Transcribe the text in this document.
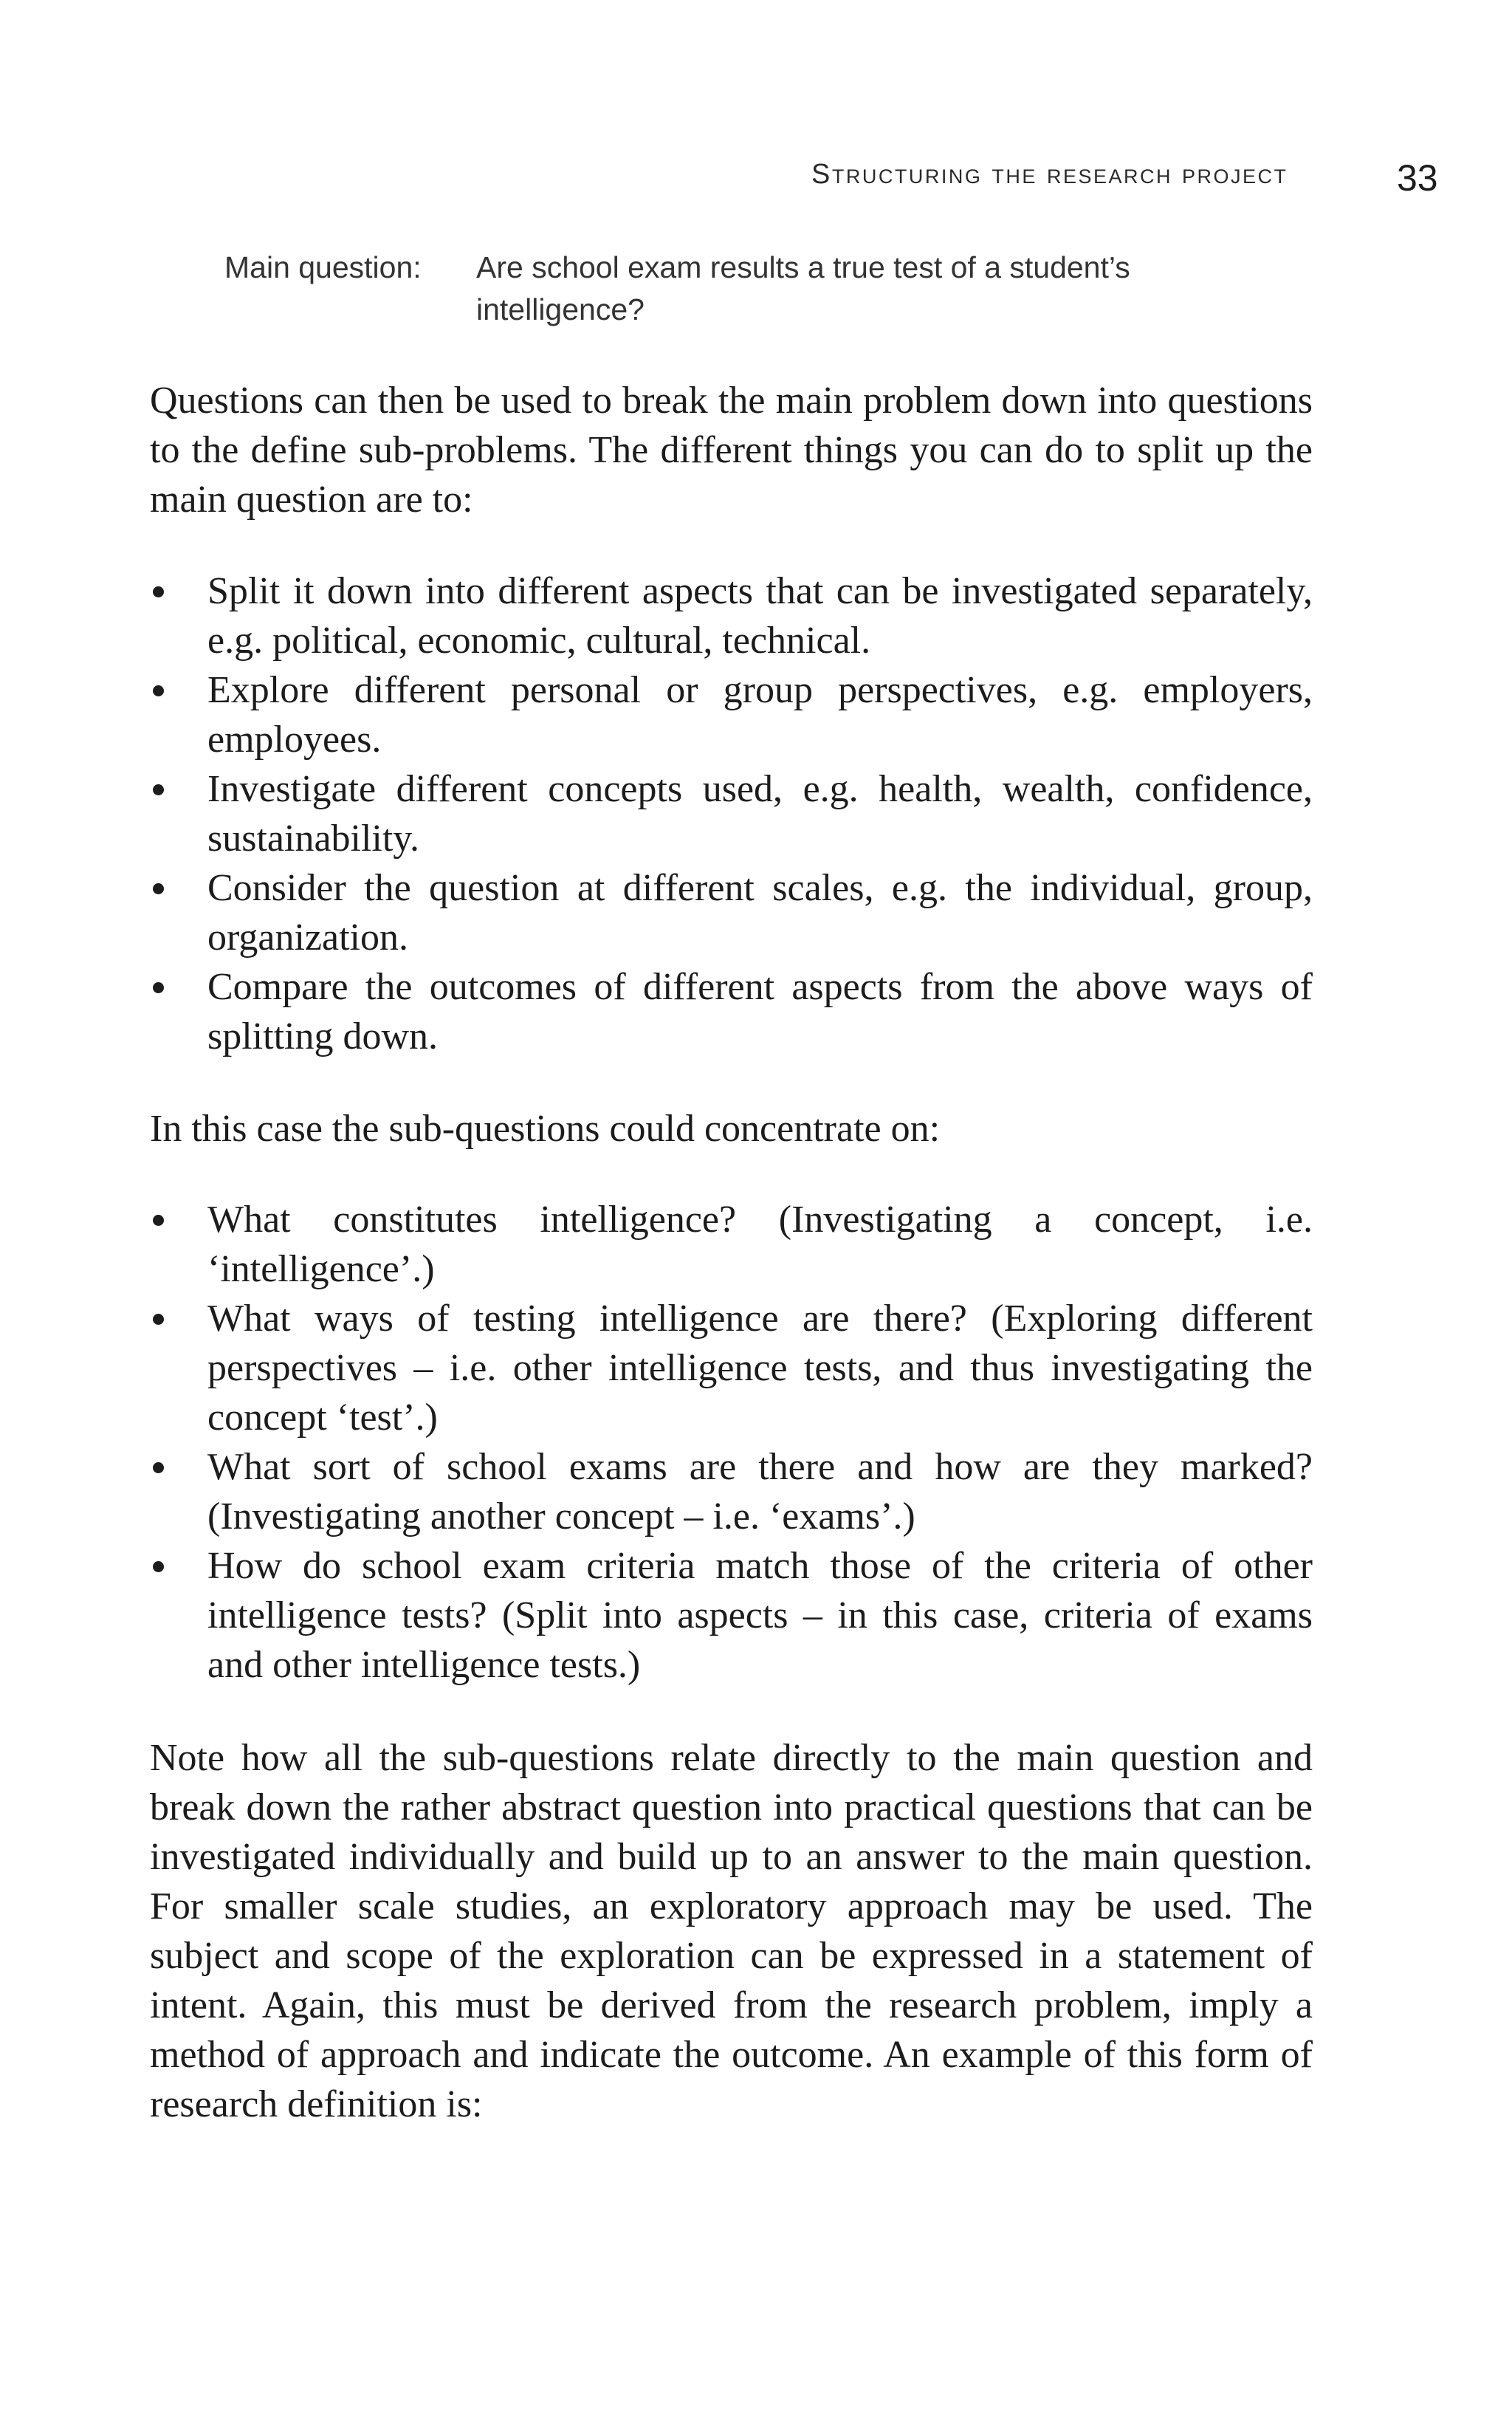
Structuring the research project	33
Main question: Are school exam results a true test of a student’s intelligence?

Questions can then be used to break the main problem down into questions to the define sub-problems. The different things you can do to split up the main question are to:

Split it down into different aspects that can be investigated separately, e.g. political, economic, cultural, technical.
Explore different personal or group perspectives, e.g. employers, employees.
Investigate different concepts used, e.g. health, wealth, confidence, sustainability.
Consider the question at different scales, e.g. the individual, group, organization.
Compare the outcomes of different aspects from the above ways of splitting down.

In this case the sub-questions could concentrate on:

What constitutes intelligence? (Investigating a concept, i.e. ‘intelligence’.)
What ways of testing intelligence are there? (Exploring different perspectives – i.e. other intelligence tests, and thus investigating the concept ‘test’.)
What sort of school exams are there and how are they marked? (Investigating another concept – i.e. ‘exams’.)
How do school exam criteria match those of the criteria of other intelligence tests? (Split into aspects – in this case, criteria of exams and other intelligence tests.)

Note how all the sub-questions relate directly to the main question and break down the rather abstract question into practical questions that can be investigated individually and build up to an answer to the main question. For smaller scale studies, an exploratory approach may be used. The subject and scope of the exploration can be expressed in a statement of intent. Again, this must be derived from the research problem, imply a method of approach and indicate the outcome. An example of this form of research definition is:
